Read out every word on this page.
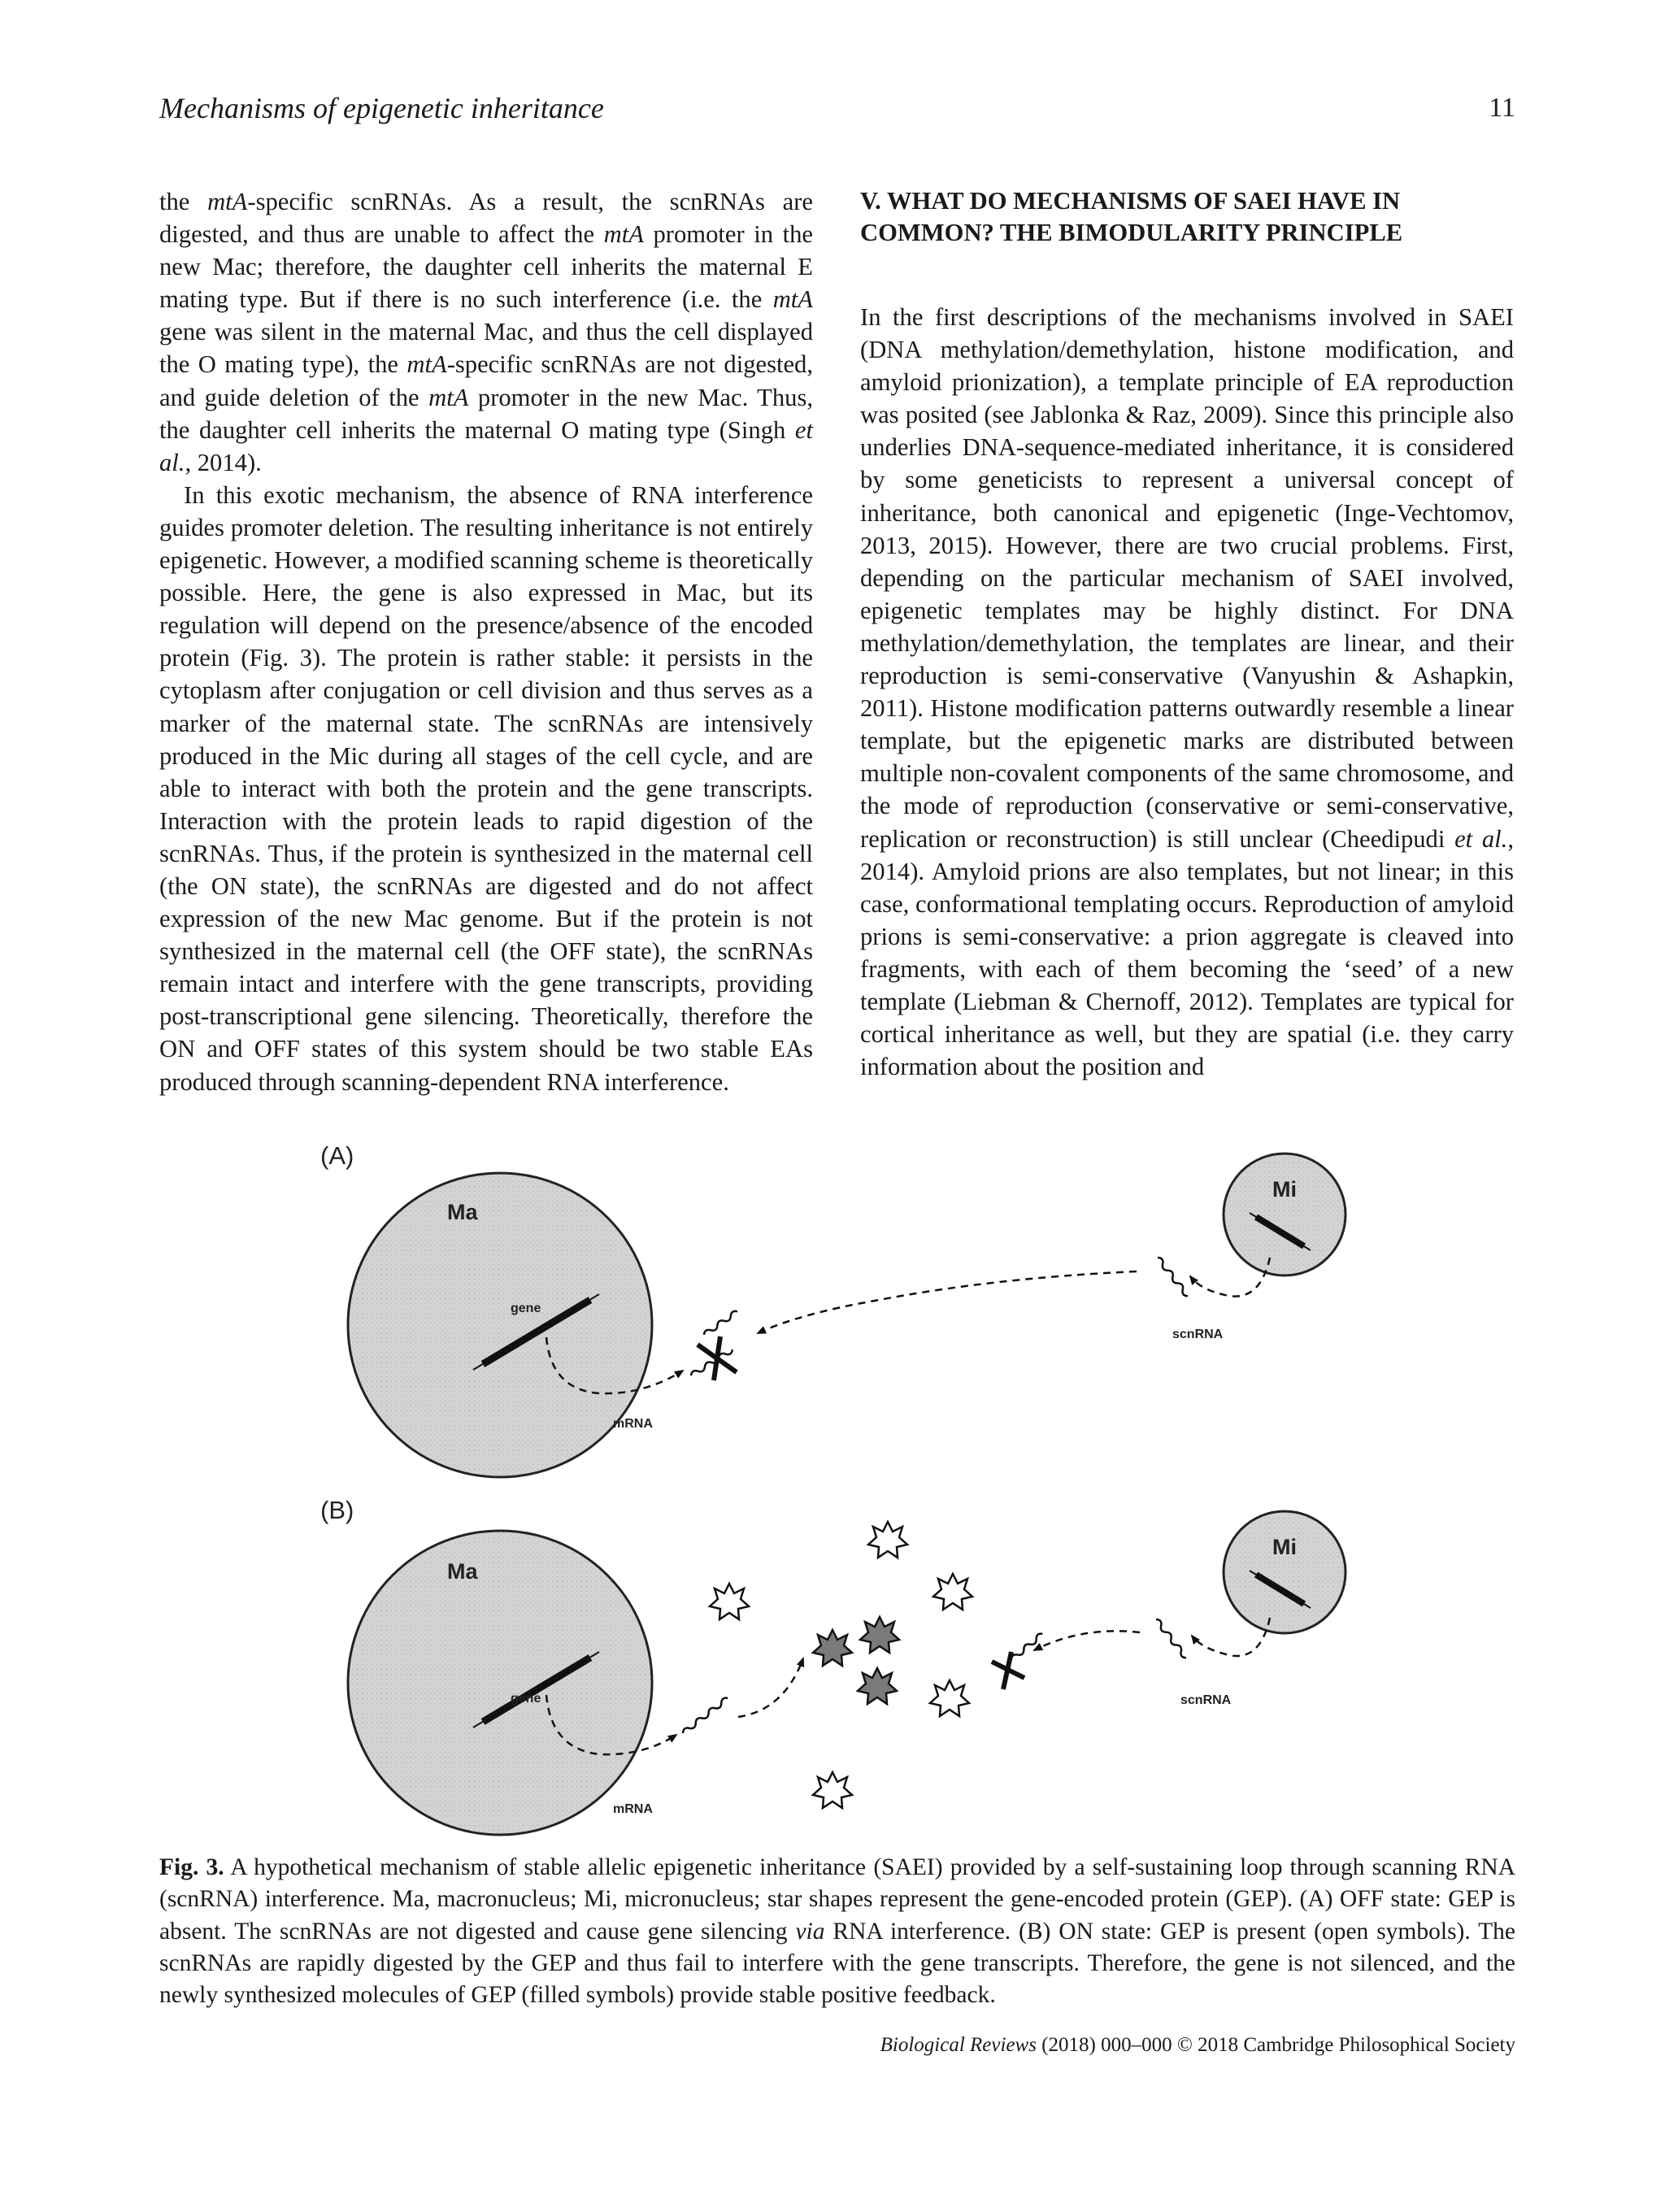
Mechanisms of epigenetic inheritance	11

the mtA-specific scnRNAs. As a result, the scnRNAs are digested, and thus are unable to affect the mtA promoter in the new Mac; therefore, the daughter cell inherits the maternal E mating type. But if there is no such interference (i.e. the mtA gene was silent in the maternal Mac, and thus the cell displayed the O mating type), the mtA-specific scnRNAs are not digested, and guide deletion of the mtA promoter in the new Mac. Thus, the daughter cell inherits the maternal O mating type (Singh et al., 2014).

In this exotic mechanism, the absence of RNA interference guides promoter deletion. The resulting inheritance is not entirely epigenetic. However, a modified scanning scheme is theoretically possible. Here, the gene is also expressed in Mac, but its regulation will depend on the presence/absence of the encoded protein (Fig. 3). The protein is rather stable: it persists in the cytoplasm after conjugation or cell division and thus serves as a marker of the maternal state. The scnRNAs are intensively produced in the Mic during all stages of the cell cycle, and are able to interact with both the protein and the gene transcripts. Interaction with the protein leads to rapid digestion of the scnRNAs. Thus, if the protein is synthesized in the maternal cell (the ON state), the scnRNAs are digested and do not affect expression of the new Mac genome. But if the protein is not synthesized in the maternal cell (the OFF state), the scnRNAs remain intact and interfere with the gene transcripts, providing post-transcriptional gene silencing. Theoretically, therefore the ON and OFF states of this system should be two stable EAs produced through scanning-dependent RNA interference.

V. WHAT DO MECHANISMS OF SAEI HAVE IN COMMON? THE BIMODULARITY PRINCIPLE

In the first descriptions of the mechanisms involved in SAEI (DNA methylation/demethylation, histone modification, and amyloid prionization), a template principle of EA reproduction was posited (see Jablonka & Raz, 2009). Since this principle also underlies DNA-sequence-mediated inheritance, it is considered by some geneticists to represent a universal concept of inheritance, both canonical and epigenetic (Inge-Vechtomov, 2013, 2015). However, there are two crucial problems. First, depending on the particular mechanism of SAEI involved, epigenetic templates may be highly distinct. For DNA methylation/demethylation, the templates are linear, and their reproduction is semi-conservative (Vanyushin & Ashapkin, 2011). Histone modification patterns outwardly resemble a linear template, but the epigenetic marks are distributed between multiple non-covalent components of the same chromosome, and the mode of reproduction (conservative or semi-conservative, replication or reconstruction) is still unclear (Cheedipudi et al., 2014). Amyloid prions are also templates, but not linear; in this case, conformational templating occurs. Reproduction of amyloid prions is semi-conservative: a prion aggregate is cleaved into fragments, with each of them becoming the ‘seed’ of a new template (Liebman & Chernoff, 2012). Templates are typical for cortical inheritance as well, but they are spatial (i.e. they carry information about the position and

(A)
Ma
gene
mRNA
Mi
scnRNA
(B)
Ma
gene
mRNA
Mi
scnRNA
Fig. 3. A hypothetical mechanism of stable allelic epigenetic inheritance (SAEI) provided by a self-sustaining loop through scanning RNA (scnRNA) interference. Ma, macronucleus; Mi, micronucleus; star shapes represent the gene-encoded protein (GEP). (A) OFF state: GEP is absent. The scnRNAs are not digested and cause gene silencing via RNA interference. (B) ON state: GEP is present (open symbols). The scnRNAs are rapidly digested by the GEP and thus fail to interfere with the gene transcripts. Therefore, the gene is not silenced, and the newly synthesized molecules of GEP (filled symbols) provide stable positive feedback.
Biological Reviews (2018) 000–000 © 2018 Cambridge Philosophical Society
